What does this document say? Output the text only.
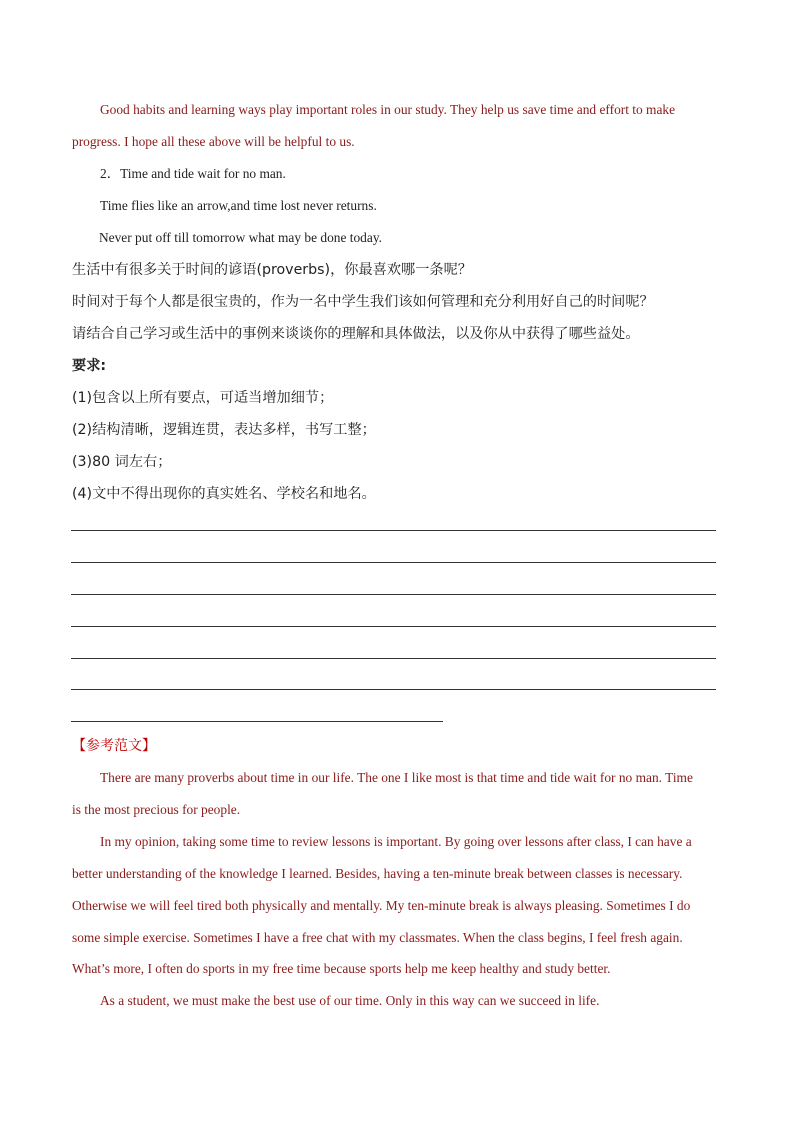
Good habits and learning ways play important roles in our study. They help us save time and effort to make
progress. I hope all these above will be helpful to us.
2．Time and tide wait for no man.
Time flies like an arrow,and time lost never returns.
Never put off till tomorrow what may be done today.
生活中有很多关于时间的谚语(proverbs)，你最喜欢哪一条呢？
时间对于每个人都是很宝贵的，作为一名中学生我们该如何管理和充分利用好自己的时间呢？
请结合自己学习或生活中的事例来谈谈你的理解和具体做法，以及你从中获得了哪些益处。
要求:
(1)包含以上所有要点，可适当增加细节；
(2)结构清晰，逻辑连贯，表达多样，书写工整；
(3)80 词左右；
(4)文中不得出现你的真实姓名、学校名和地名。
【参考范文】
There are many proverbs about time in our life. The one I like most is that time and tide wait for no man. Time
is the most precious for people.
In my opinion, taking some time to review lessons is important. By going over lessons after class, I can have a
better understanding of the knowledge I learned. Besides, having a ten-minute break between classes is necessary.
Otherwise we will feel tired both physically and mentally. My ten-minute break is always pleasing. Sometimes I do
some simple exercise. Sometimes I have a free chat with my classmates. When the class begins, I feel fresh again.
What’s more, I often do sports in my free time because sports help me keep healthy and study better.
As a student, we must make the best use of our time. Only in this way can we succeed in life.
